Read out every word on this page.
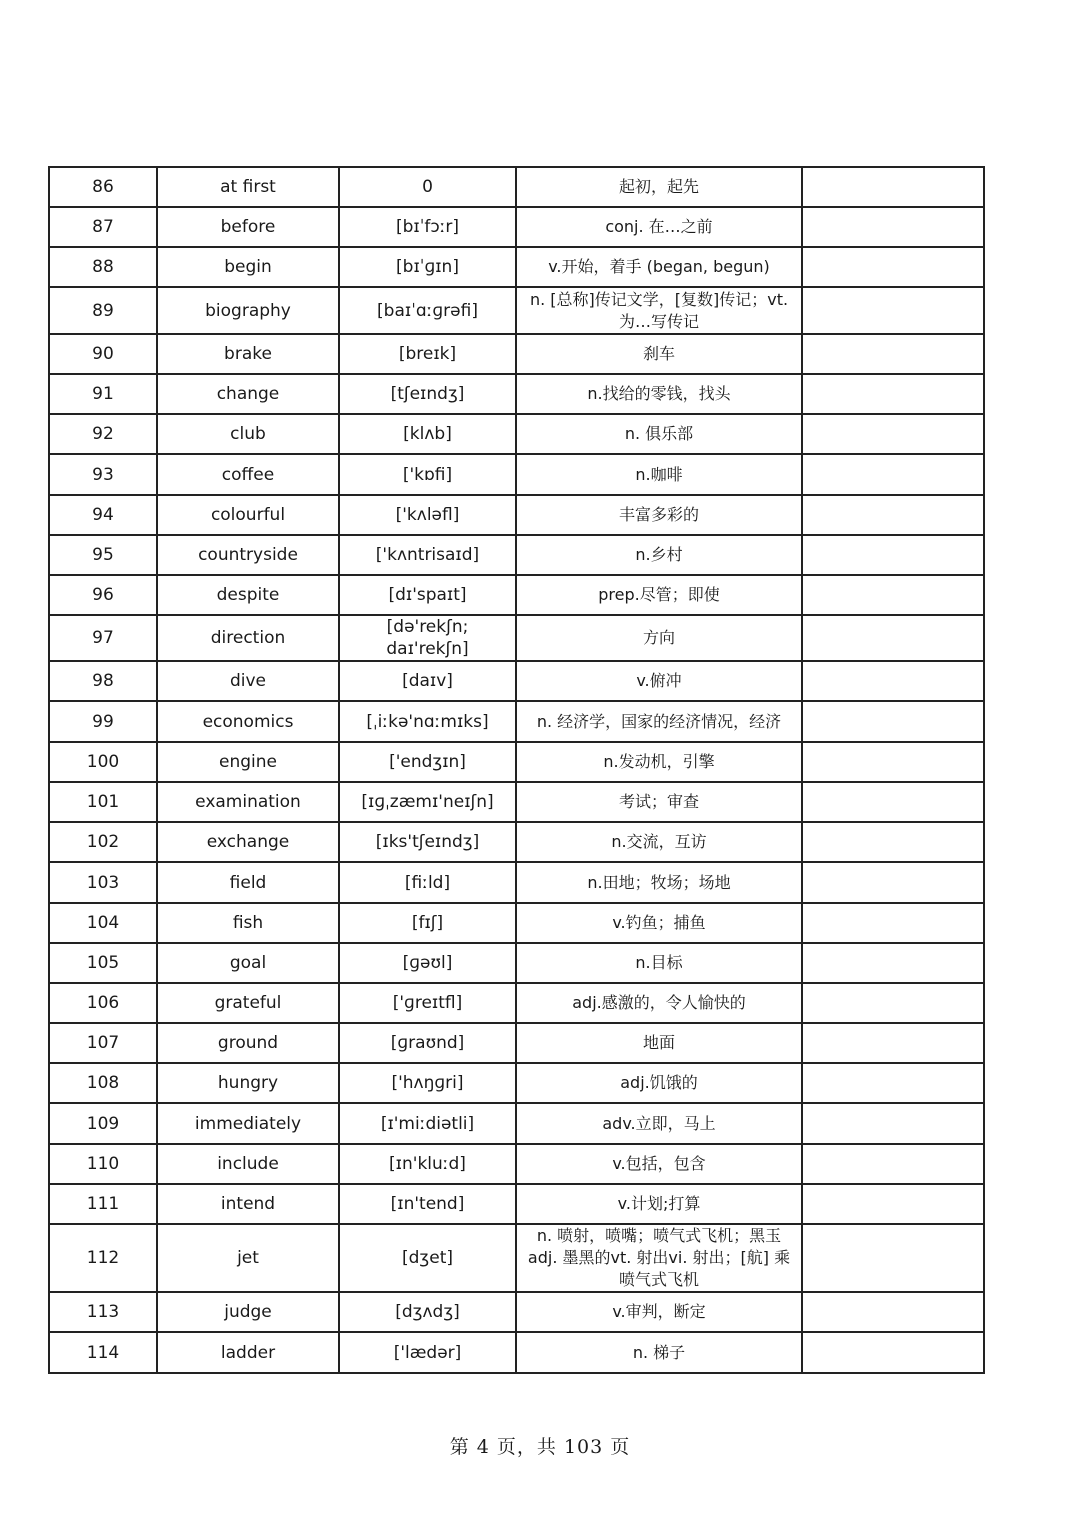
86	at first	0	起初，起先	
87	before	[bɪˈfɔːr]	conj. 在…之前	
88	begin	[bɪˈɡɪn]	v.开始，着手 (began, begun)	
89	biography	[baɪˈɑːɡrəfi]	n. [总称]传记文学，[复数]传记；vt. 为…写传记	
90	brake	[breɪk]	刹车	
91	change	[tʃeɪndʒ]	n.找给的零钱，找头	
92	club	[klʌb]	n. 俱乐部	
93	coffee	['kɒfi]	n.咖啡	
94	colourful	['kʌləfl]	丰富多彩的	
95	countryside	['kʌntrisaɪd]	n.乡村	
96	despite	[dɪ'spaɪt]	prep.尽管；即使	
97	direction	[də'rekʃn; daɪ'rekʃn]	方向	
98	dive	[daɪv]	v.俯冲	
99	economics	[ˌiːkə'nɑːmɪks]	n. 经济学，国家的经济情况，经济	
100	engine	['endʒɪn]	n.发动机，引擎	
101	examination	[ɪɡˌzæmɪ'neɪʃn]	考试；审查	
102	exchange	[ɪks'tʃeɪndʒ]	n.交流，互访	
103	field	[fiːld]	n.田地；牧场；场地	
104	fish	[fɪʃ]	v.钓鱼；捕鱼	
105	goal	[ɡəʊl]	n.目标	
106	grateful	['ɡreɪtfl]	adj.感激的，令人愉快的	
107	ground	[ɡraʊnd]	地面	
108	hungry	['hʌŋɡri]	adj.饥饿的	
109	immediately	[ɪ'miːdiətli]	adv.立即，马上	
110	include	[ɪn'kluːd]	v.包括，包含	
111	intend	[ɪn'tend]	v.计划;打算	
112	jet	[dʒet]	n. 喷射，喷嘴；喷气式飞机；黑玉 adj. 墨黑的vt. 射出vi. 射出；[航] 乘喷气式飞机	
113	judge	[dʒʌdʒ]	v.审判，断定	
114	ladder	['lædər]	n. 梯子	
第 4 页，共 103 页
